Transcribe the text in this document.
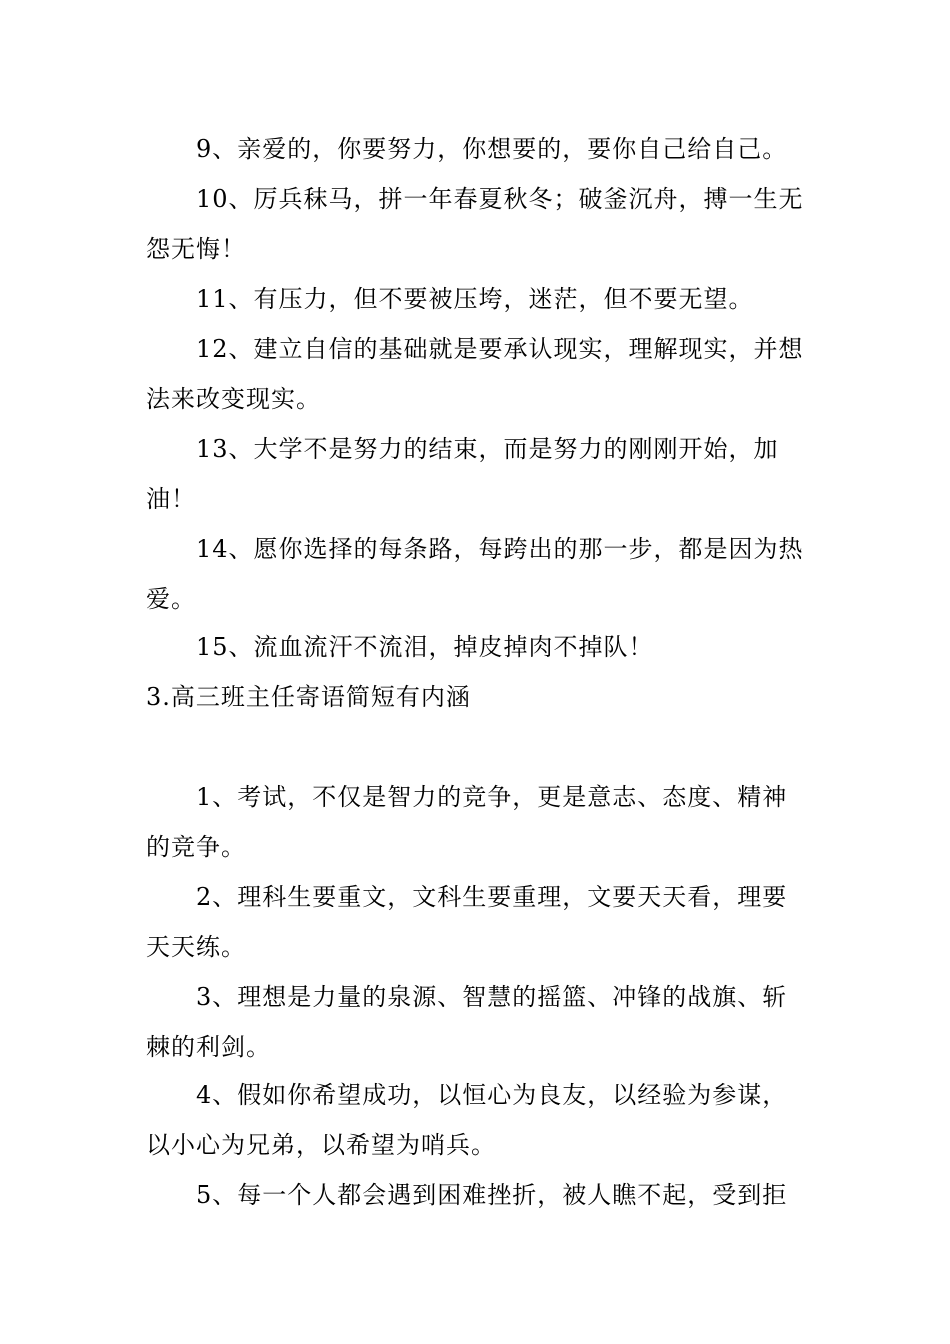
9、亲爱的，你要努力，你想要的，要你自己给自己。

10、厉兵秣马，拼一年春夏秋冬；破釜沉舟，搏一生无怨无悔！

11、有压力，但不要被压垮，迷茫，但不要无望。

12、建立自信的基础就是要承认现实，理解现实，并想法来改变现实。

13、大学不是努力的结束，而是努力的刚刚开始，加油！

14、愿你选择的每条路，每跨出的那一步，都是因为热爱。

15、流血流汗不流泪，掉皮掉肉不掉队！

3.高三班主任寄语简短有内涵

1、考试，不仅是智力的竞争，更是意志、态度、精神的竞争。

2、理科生要重文，文科生要重理，文要天天看，理要天天练。

3、理想是力量的泉源、智慧的摇篮、冲锋的战旗、斩棘的利剑。

4、假如你希望成功，以恒心为良友，以经验为参谋，以小心为兄弟，以希望为哨兵。

5、每一个人都会遇到困难挫折，被人瞧不起，受到拒
